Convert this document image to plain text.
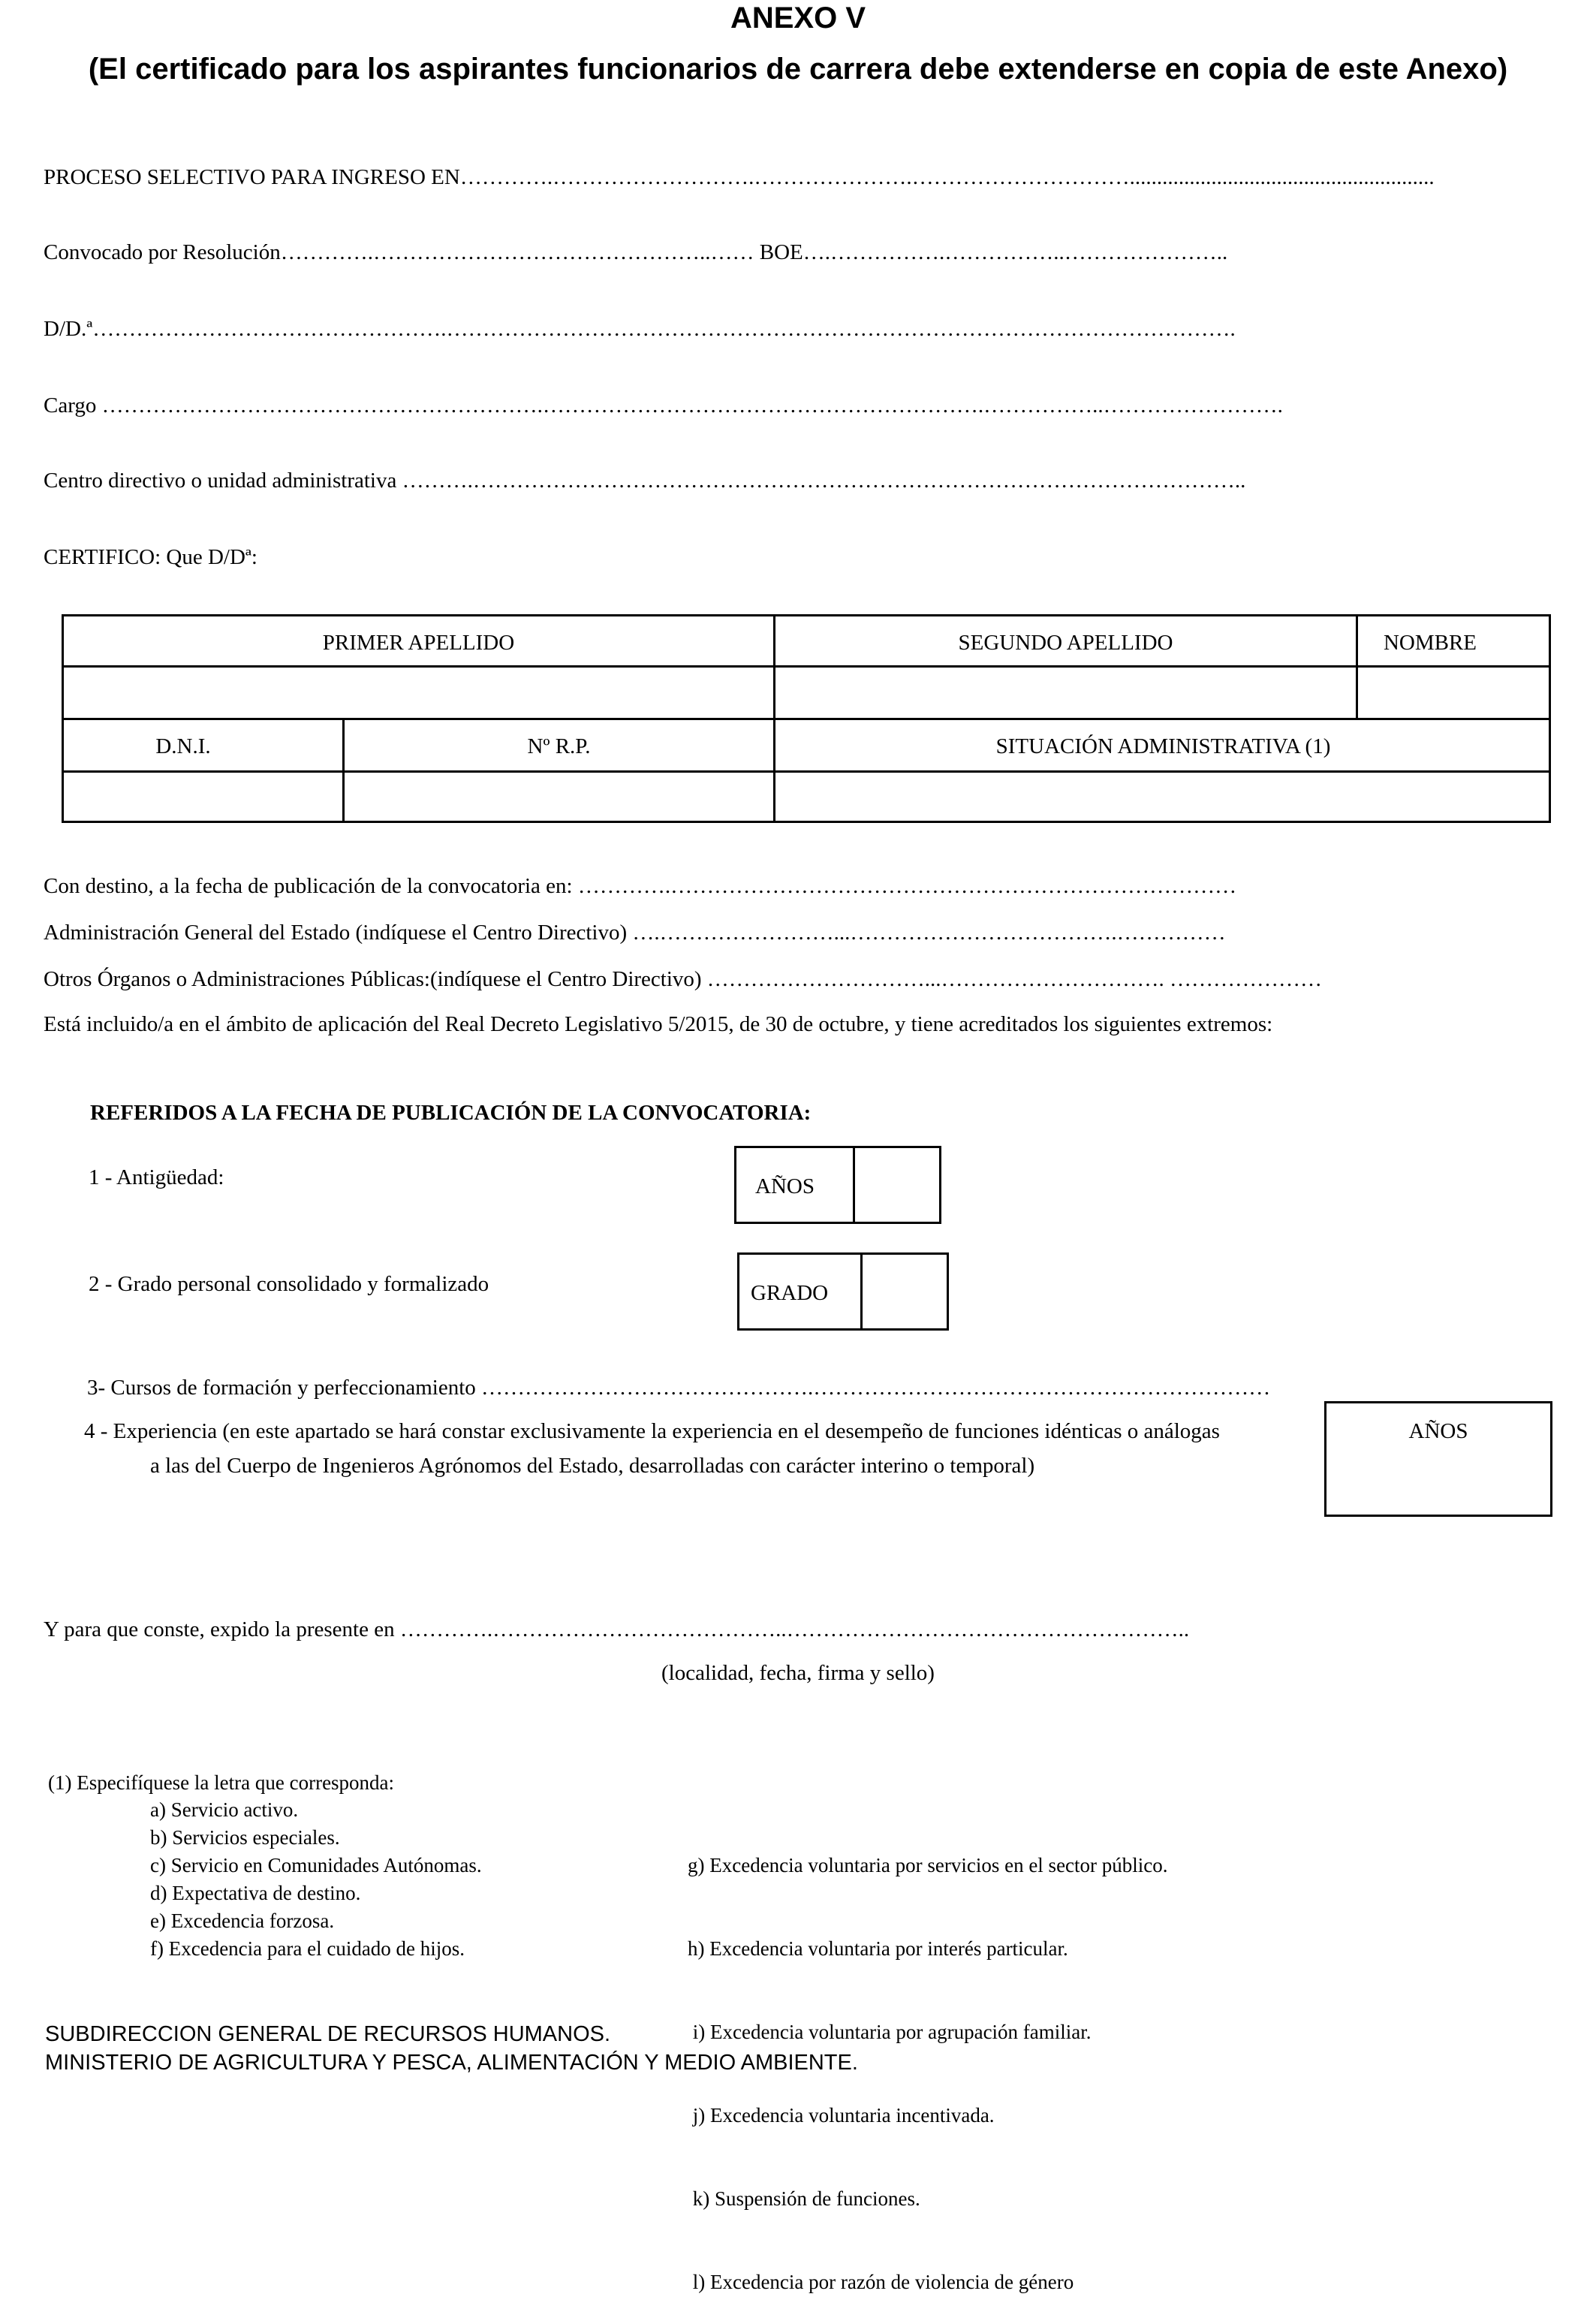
ANEXO V
(El certificado para los aspirantes funcionarios de carrera debe extenderse en copia de este Anexo)
PROCESO SELECTIVO PARA INGRESO EN………….……………………….………………….…………………………........................................................
Convocado por Resolución………….………………………………………..…… BOE….…………….……………..…………………..
D/D.ª………………………………………….……………………………………………………………………………………………….
Cargo …………………………………………………….…………………………………………………….……………..…………………….
Centro directivo o unidad administrativa ……….……………………………………………………………………………………………..
CERTIFICO: Que D/Dª:
PRIMER APELLIDO	SEGUNDO APELLIDO	NOMBRE
D.N.I.	Nº R.P.	SITUACIÓN ADMINISTRATIVA (1)
Con destino, a la fecha de publicación de la convocatoria en: ………….……………………………………………………………………
Administración General del Estado (indíquese el Centro Directivo) ….……………………...……………………………….……………
Otros Órganos o Administraciones Públicas:(indíquese el Centro Directivo) …………………………...…………………………. …………………
Está incluido/a en el ámbito de aplicación del Real Decreto Legislativo 5/2015, de 30 de octubre, y tiene acreditados los siguientes extremos:
REFERIDOS A LA FECHA DE PUBLICACIÓN DE LA CONVOCATORIA:
1 - Antigüedad:	AÑOS
2 - Grado personal consolidado y formalizado	GRADO
3- Cursos de formación y perfeccionamiento ……………………………………….………………………………………………………
4 - Experiencia (en este apartado se hará constar exclusivamente la experiencia en el desempeño de funciones idénticas o análogas
a las del Cuerpo de Ingenieros Agrónomos del Estado, desarrolladas con carácter interino o temporal)
AÑOS
Y para que conste, expido la presente en ………….…………………………………..………………………………………………..
(localidad, fecha, firma y sello)
(1) Especifíquese la letra que corresponda:
a) Servicio activo.
b) Servicios especiales.
c) Servicio en Comunidades Autónomas.
d) Expectativa de destino.
e) Excedencia forzosa.
f) Excedencia para el cuidado de hijos.

g) Excedencia voluntaria por servicios en el sector público.

h) Excedencia voluntaria por interés particular.

i) Excedencia voluntaria por agrupación familiar.

j) Excedencia voluntaria incentivada.

k) Suspensión de funciones.

l) Excedencia por razón de violencia de género

SUBDIRECCION GENERAL DE RECURSOS HUMANOS.
MINISTERIO DE AGRICULTURA Y PESCA, ALIMENTACIÓN Y MEDIO AMBIENTE.
